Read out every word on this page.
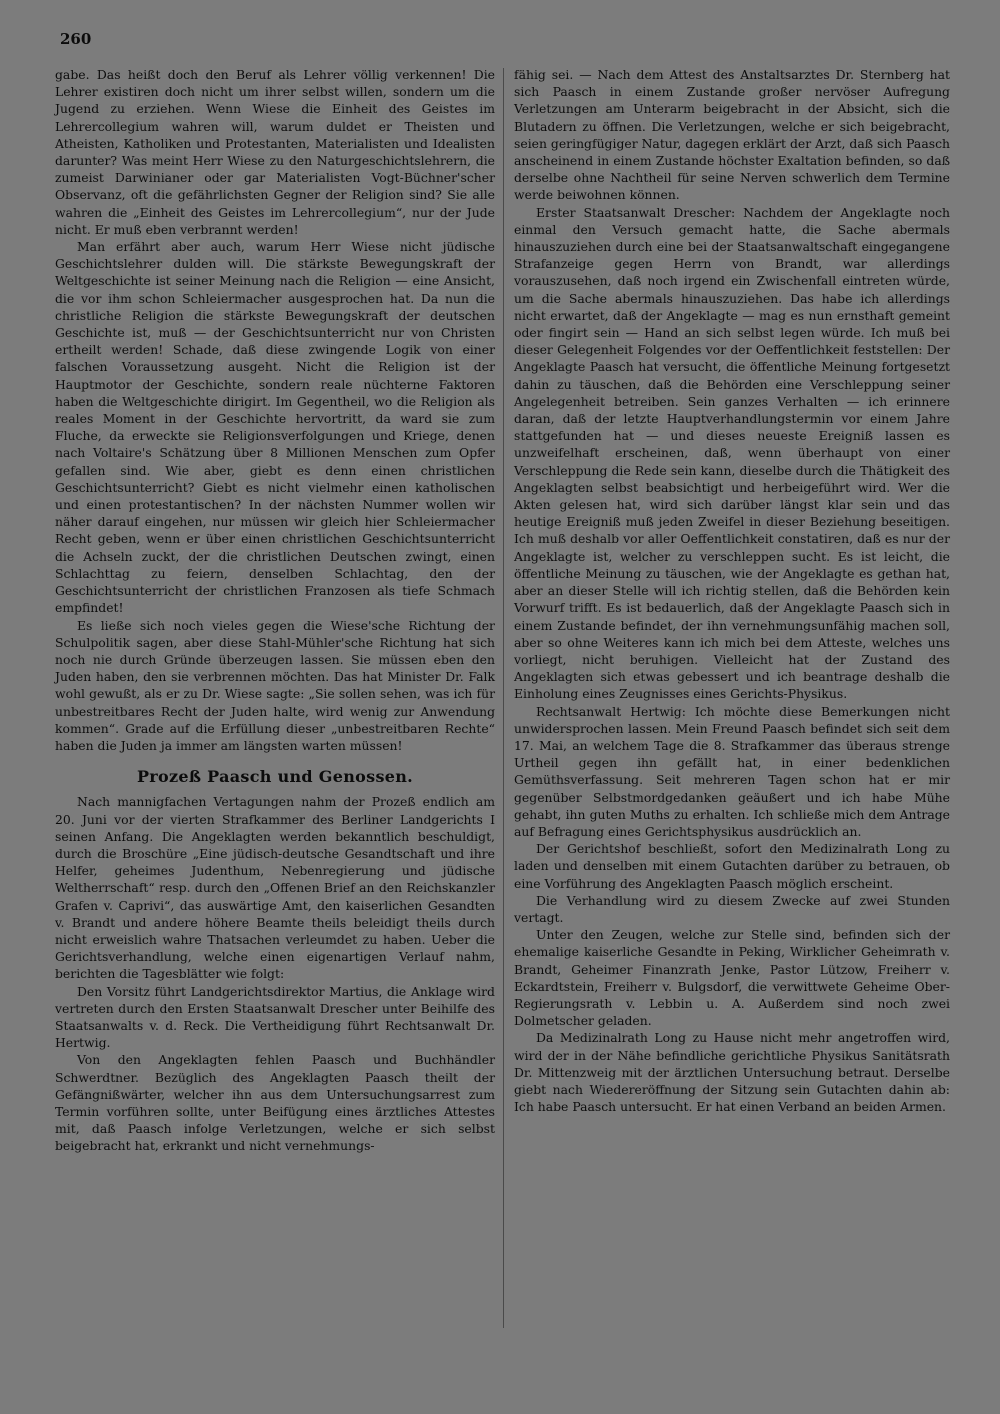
260

gabe. Das heißt doch den Beruf als Lehrer völlig verkennen! Die Lehrer existiren doch nicht um ihrer selbst willen, sondern um die Jugend zu erziehen. Wenn Wiese die Einheit des Geistes im Lehrercollegium wahren will, warum duldet er Theisten und Atheisten, Katholiken und Protestanten, Materialisten und Idealisten darunter? Was meint Herr Wiese zu den Naturgeschichtslehrern, die zumeist Darwinianer oder gar Materialisten Vogt-Büchner'scher Observanz, oft die gefährlichsten Gegner der Religion sind? Sie alle wahren die „Einheit des Geistes im Lehrercollegium“, nur der Jude nicht. Er muß eben verbrannt werden!

Man erfährt aber auch, warum Herr Wiese nicht jüdische Geschichtslehrer dulden will. Die stärkste Bewegungskraft der Weltgeschichte ist seiner Meinung nach die Religion — eine Ansicht, die vor ihm schon Schleiermacher ausgesprochen hat. Da nun die christliche Religion die stärkste Bewegungskraft der deutschen Geschichte ist, muß — der Geschichtsunterricht nur von Christen ertheilt werden! Schade, daß diese zwingende Logik von einer falschen Voraussetzung ausgeht. Nicht die Religion ist der Hauptmotor der Geschichte, sondern reale nüchterne Faktoren haben die Weltgeschichte dirigirt. Im Gegentheil, wo die Religion als reales Moment in der Geschichte hervortritt, da ward sie zum Fluche, da erweckte sie Religionsverfolgungen und Kriege, denen nach Voltaire's Schätzung über 8 Millionen Menschen zum Opfer gefallen sind. Wie aber, giebt es denn einen christlichen Geschichtsunterricht? Giebt es nicht vielmehr einen katholischen und einen protestantischen? In der nächsten Nummer wollen wir näher darauf eingehen, nur müssen wir gleich hier Schleiermacher Recht geben, wenn er über einen christlichen Geschichtsunterricht die Achseln zuckt, der die christlichen Deutschen zwingt, einen Schlachttag zu feiern, denselben Schlachtag, den der Geschichtsunterricht der christlichen Franzosen als tiefe Schmach empfindet!

Es ließe sich noch vieles gegen die Wiese'sche Richtung der Schulpolitik sagen, aber diese Stahl-Mühler'sche Richtung hat sich noch nie durch Gründe überzeugen lassen. Sie müssen eben den Juden haben, den sie verbrennen möchten. Das hat Minister Dr. Falk wohl gewußt, als er zu Dr. Wiese sagte: „Sie sollen sehen, was ich für unbestreitbares Recht der Juden halte, wird wenig zur Anwendung kommen“. Grade auf die Erfüllung dieser „unbestreitbaren Rechte“ haben die Juden ja immer am längsten warten müssen!

Prozeß Paasch und Genossen.

Nach mannigfachen Vertagungen nahm der Prozeß endlich am 20. Juni vor der vierten Strafkammer des Berliner Landgerichts I seinen Anfang. Die Angeklagten werden bekanntlich beschuldigt, durch die Broschüre „Eine jüdisch-deutsche Gesandtschaft und ihre Helfer, geheimes Judenthum, Nebenregierung und jüdische Weltherrschaft“ resp. durch den „Offenen Brief an den Reichskanzler Grafen v. Caprivi“, das auswärtige Amt, den kaiserlichen Gesandten v. Brandt und andere höhere Beamte theils beleidigt theils durch nicht erweislich wahre Thatsachen verleumdet zu haben. Ueber die Gerichtsverhandlung, welche einen eigenartigen Verlauf nahm, berichten die Tagesblätter wie folgt:

Den Vorsitz führt Landgerichtsdirektor Martius, die Anklage wird vertreten durch den Ersten Staatsanwalt Drescher unter Beihilfe des Staatsanwalts v. d. Reck. Die Vertheidigung führt Rechtsanwalt Dr. Hertwig.

Von den Angeklagten fehlen Paasch und Buchhändler Schwerdtner. Bezüglich des Angeklagten Paasch theilt der Gefängnißwärter, welcher ihn aus dem Untersuchungsarrest zum Termin vorführen sollte, unter Beifügung eines ärztliches Attestes mit, daß Paasch infolge Verletzungen, welche er sich selbst beigebracht hat, erkrankt und nicht vernehmungs-

fähig sei. — Nach dem Attest des Anstaltsarztes Dr. Sternberg hat sich Paasch in einem Zustande großer nervöser Aufregung Verletzungen am Unterarm beigebracht in der Absicht, sich die Blutadern zu öffnen. Die Verletzungen, welche er sich beigebracht, seien geringfügiger Natur, dagegen erklärt der Arzt, daß sich Paasch anscheinend in einem Zustande höchster Exaltation befinden, so daß derselbe ohne Nachtheil für seine Nerven schwerlich dem Termine werde beiwohnen können.

Erster Staatsanwalt Drescher: Nachdem der Angeklagte noch einmal den Versuch gemacht hatte, die Sache abermals hinauszuziehen durch eine bei der Staatsanwaltschaft eingegangene Strafanzeige gegen Herrn von Brandt, war allerdings vorauszusehen, daß noch irgend ein Zwischenfall eintreten würde, um die Sache abermals hinauszuziehen. Das habe ich allerdings nicht erwartet, daß der Angeklagte — mag es nun ernsthaft gemeint oder fingirt sein — Hand an sich selbst legen würde. Ich muß bei dieser Gelegenheit Folgendes vor der Oeffentlichkeit feststellen: Der Angeklagte Paasch hat versucht, die öffentliche Meinung fortgesetzt dahin zu täuschen, daß die Behörden eine Verschleppung seiner Angelegenheit betreiben. Sein ganzes Verhalten — ich erinnere daran, daß der letzte Hauptverhandlungstermin vor einem Jahre stattgefunden hat — und dieses neueste Ereigniß lassen es unzweifelhaft erscheinen, daß, wenn überhaupt von einer Verschleppung die Rede sein kann, dieselbe durch die Thätigkeit des Angeklagten selbst beabsichtigt und herbeigeführt wird. Wer die Akten gelesen hat, wird sich darüber längst klar sein und das heutige Ereigniß muß jeden Zweifel in dieser Beziehung beseitigen. Ich muß deshalb vor aller Oeffentlichkeit constatiren, daß es nur der Angeklagte ist, welcher zu verschleppen sucht. Es ist leicht, die öffentliche Meinung zu täuschen, wie der Angeklagte es gethan hat, aber an dieser Stelle will ich richtig stellen, daß die Behörden kein Vorwurf trifft. Es ist bedauerlich, daß der Angeklagte Paasch sich in einem Zustande befindet, der ihn vernehmungsunfähig machen soll, aber so ohne Weiteres kann ich mich bei dem Atteste, welches uns vorliegt, nicht beruhigen. Vielleicht hat der Zustand des Angeklagten sich etwas gebessert und ich beantrage deshalb die Einholung eines Zeugnisses eines Gerichts-Physikus.

Rechtsanwalt Hertwig: Ich möchte diese Bemerkungen nicht unwidersprochen lassen. Mein Freund Paasch befindet sich seit dem 17. Mai, an welchem Tage die 8. Strafkammer das überaus strenge Urtheil gegen ihn gefällt hat, in einer bedenklichen Gemüthsverfassung. Seit mehreren Tagen schon hat er mir gegenüber Selbstmordgedanken geäußert und ich habe Mühe gehabt, ihn guten Muths zu erhalten. Ich schließe mich dem Antrage auf Befragung eines Gerichtsphysikus ausdrücklich an.

Der Gerichtshof beschließt, sofort den Medizinalrath Long zu laden und denselben mit einem Gutachten darüber zu betrauen, ob eine Vorführung des Angeklagten Paasch möglich erscheint.

Die Verhandlung wird zu diesem Zwecke auf zwei Stunden vertagt.

Unter den Zeugen, welche zur Stelle sind, befinden sich der ehemalige kaiserliche Gesandte in Peking, Wirklicher Geheimrath v. Brandt, Geheimer Finanzrath Jenke, Pastor Lützow, Freiherr v. Eckardtstein, Freiherr v. Bulgsdorf, die verwittwete Geheime Ober-Regierungsrath v. Lebbin u. A. Außerdem sind noch zwei Dolmetscher geladen.

Da Medizinalrath Long zu Hause nicht mehr angetroffen wird, wird der in der Nähe befindliche gerichtliche Physikus Sanitätsrath Dr. Mittenzweig mit der ärztlichen Untersuchung betraut. Derselbe giebt nach Wiedereröffnung der Sitzung sein Gutachten dahin ab: Ich habe Paasch untersucht. Er hat einen Verband an beiden Armen.
